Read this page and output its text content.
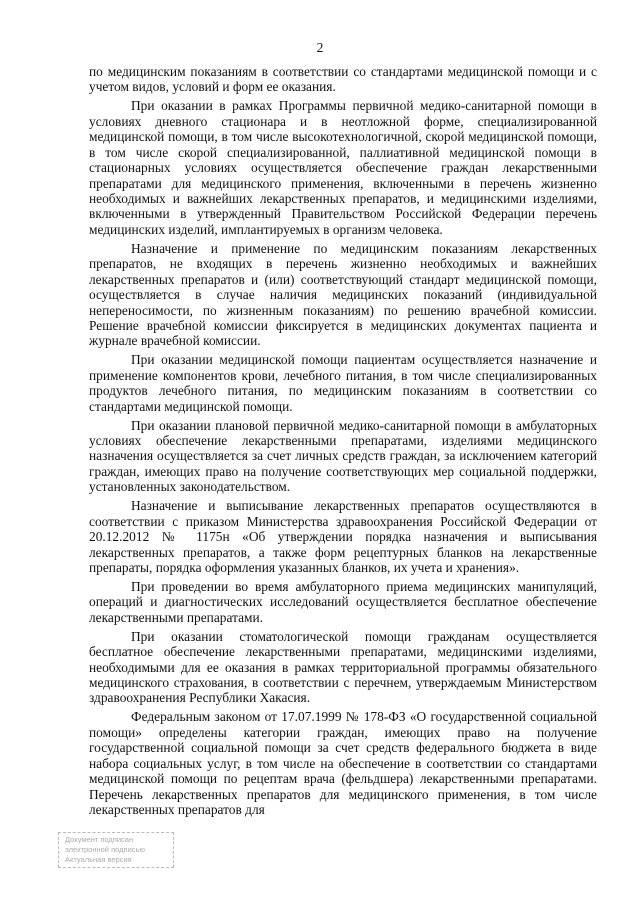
2

по медицинским показаниям в соответствии со стандартами медицинской помощи и с учетом видов, условий и форм ее оказания.

При оказании в рамках Программы первичной медико-санитарной помощи в условиях дневного стационара и в неотложной форме, специализированной медицинской помощи, в том числе высокотехнологичной, скорой медицинской помощи, в том числе скорой специализированной, паллиативной медицинской помощи в стационарных условиях осуществляется обеспечение граждан лекарственными препаратами для медицинского применения, включенными в перечень жизненно необходимых и важнейших лекарственных препаратов, и медицинскими изделиями, включенными в утвержденный Правительством Российской Федерации перечень медицинских изделий, имплантируемых в организм человека.

Назначение и применение по медицинским показаниям лекарственных препаратов, не входящих в перечень жизненно необходимых и важнейших лекарственных препаратов и (или) соответствующий стандарт медицинской помощи, осуществляется в случае наличия медицинских показаний (индивидуальной непереносимости, по жизненным показаниям) по решению врачебной комиссии. Решение врачебной комиссии фиксируется в медицинских документах пациента и журнале врачебной комиссии.

При оказании медицинской помощи пациентам осуществляется назначение и применение компонентов крови, лечебного питания, в том числе специализированных продуктов лечебного питания, по медицинским показаниям в соответствии со стандартами медицинской помощи.

При оказании плановой первичной медико-санитарной помощи в амбулаторных условиях обеспечение лекарственными препаратами, изделиями медицинского назначения осуществляется за счет личных средств граждан, за исключением категорий граждан, имеющих право на получение соответствующих мер социальной поддержки, установленных законодательством.

Назначение и выписывание лекарственных препаратов осуществляются в соответствии с приказом Министерства здравоохранения Российской Федерации от 20.12.2012 № 1175н «Об утверждении порядка назначения и выписывания лекарственных препаратов, а также форм рецептурных бланков на лекарственные препараты, порядка оформления указанных бланков, их учета и хранения».

При проведении во время амбулаторного приема медицинских манипуляций, операций и диагностических исследований осуществляется бесплатное обеспечение лекарственными препаратами.

При оказании стоматологической помощи гражданам осуществляется бесплатное обеспечение лекарственными препаратами, медицинскими изделиями, необходимыми для ее оказания в рамках территориальной программы обязательного медицинского страхования, в соответствии с перечнем, утверждаемым Министерством здравоохранения Республики Хакасия.

Федеральным законом от 17.07.1999 № 178-ФЗ «О государственной социальной помощи» определены категории граждан, имеющих право на получение государственной социальной помощи за счет средств федерального бюджета в виде набора социальных услуг, в том числе на обеспечение в соответствии со стандартами медицинской помощи по рецептам врача (фельдшера) лекарственными препаратами. Перечень лекарственных препаратов для медицинского применения, в том числе лекарственных препаратов для

Документ подписан
электронной подписью
Актуальная версия
